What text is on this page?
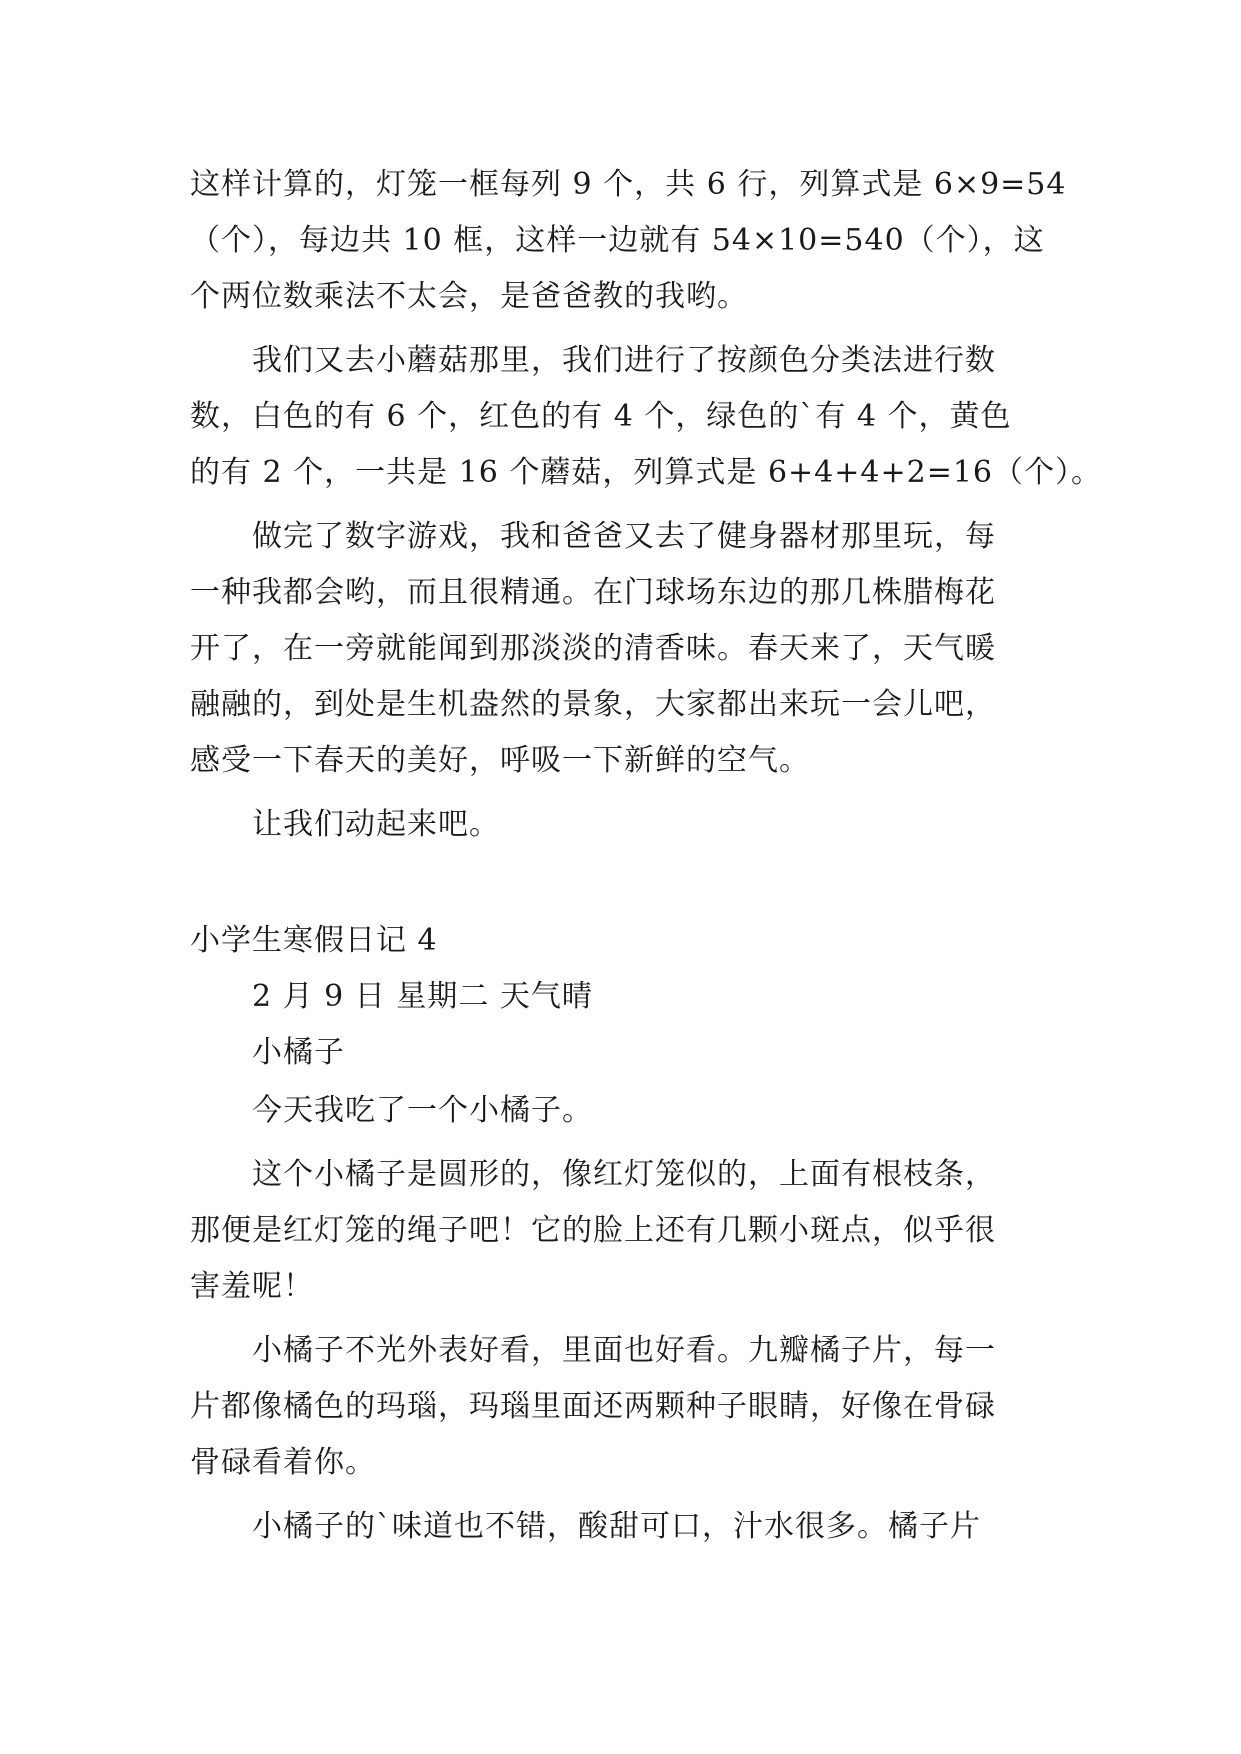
这样计算的，灯笼一框每列 9 个，共 6 行，列算式是 6×9=54
（个），每边共 10 框，这样一边就有 54×10=540（个），这
个两位数乘法不太会，是爸爸教的我哟。
我们又去小蘑菇那里，我们进行了按颜色分类法进行数
数，白色的有 6 个，红色的有 4 个，绿色的`有 4 个，黄色
的有 2 个，一共是 16 个蘑菇，列算式是 6+4+4+2=16（个）。
做完了数字游戏，我和爸爸又去了健身器材那里玩，每
一种我都会哟，而且很精通。在门球场东边的那几株腊梅花
开了，在一旁就能闻到那淡淡的清香味。春天来了，天气暖
融融的，到处是生机盎然的景象，大家都出来玩一会儿吧，
感受一下春天的美好，呼吸一下新鲜的空气。
让我们动起来吧。
小学生寒假日记 4
2 月 9 日 星期二 天气晴
小橘子
今天我吃了一个小橘子。
这个小橘子是圆形的，像红灯笼似的，上面有根枝条，
那便是红灯笼的绳子吧！它的脸上还有几颗小斑点，似乎很
害羞呢！
小橘子不光外表好看，里面也好看。九瓣橘子片，每一
片都像橘色的玛瑙，玛瑙里面还两颗种子眼睛，好像在骨碌
骨碌看着你。
小橘子的`味道也不错，酸甜可口，汁水很多。橘子片
